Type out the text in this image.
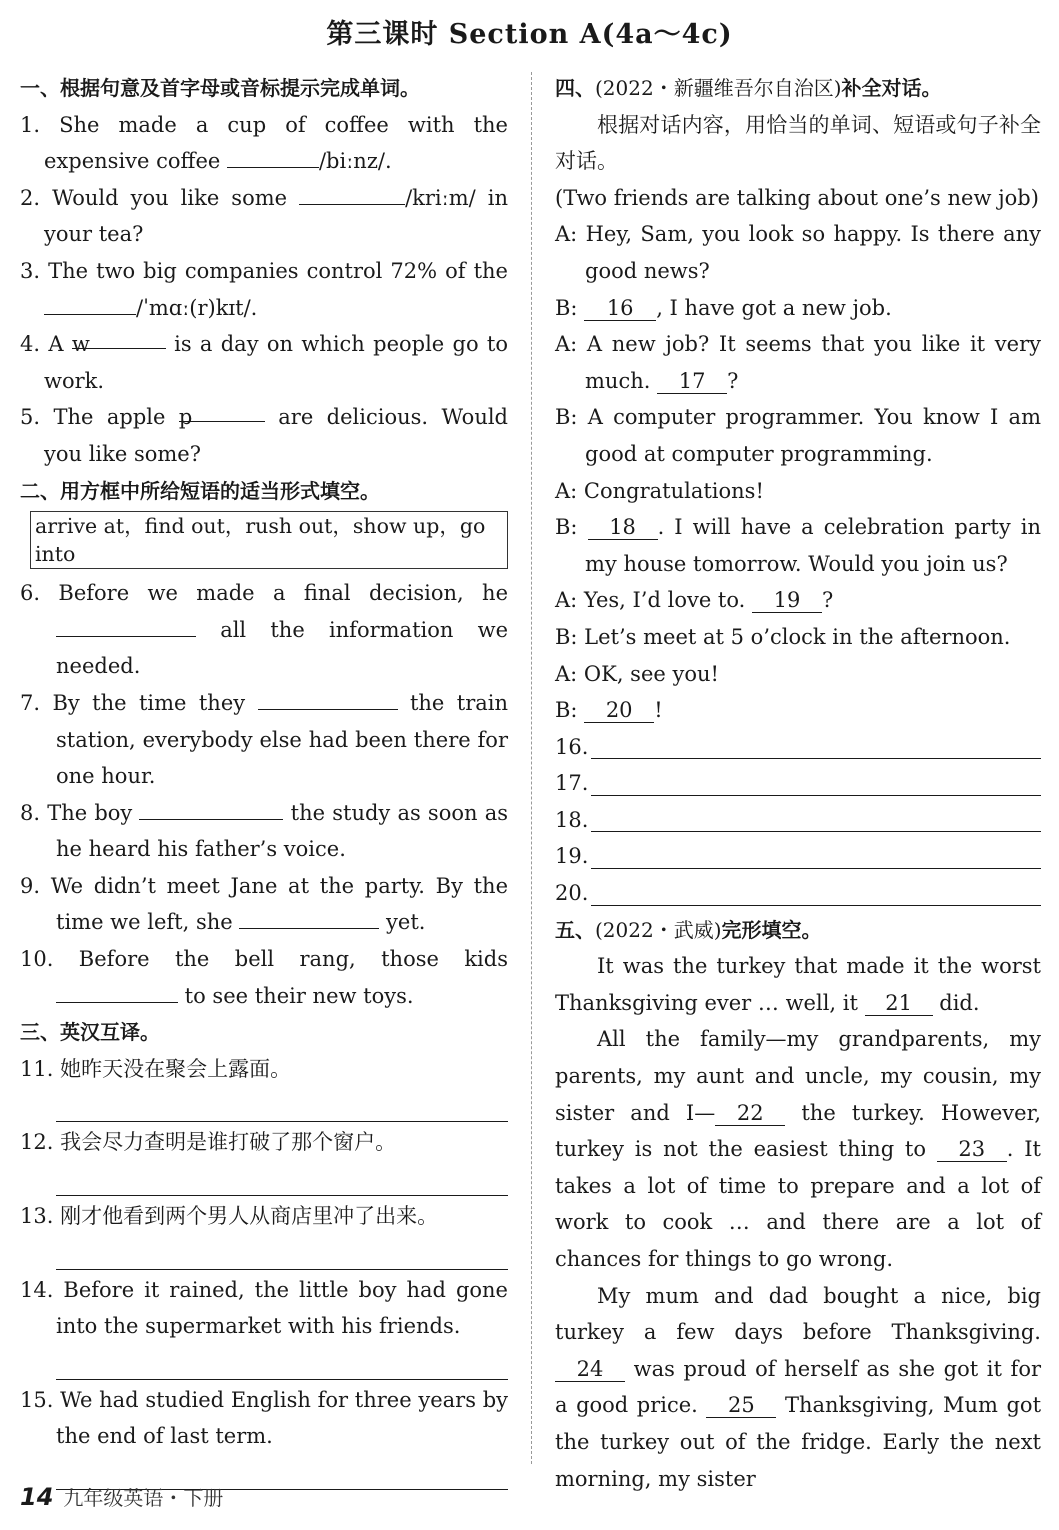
第三课时 Section A(4a～4c)
一、根据句意及首字母或音标提示完成单词。
1. She made a cup of coffee with the expensive coffee	/biːnz/.
2. Would you like some	/kriːm/ in your tea?
3. The two big companies control 72% of the /ˈmɑː(r)kɪt/.
4. A w	is a day on which people go to work.
5. The apple p	are delicious. Would you like some?
二、用方框中所给短语的适当形式填空。
arrive at，find out，rush out，show up，go into
6. Before we made a final decision, he  all the information we needed.
7. By the time they	the train station, everybody else had been there for one hour.
8. The boy	the study as soon as he heard his father’s voice.
9. We didn’t meet Jane at the party. By the time we left, she	yet.
10. Before the bell rang, those kids  to see their new toys.
三、英汉互译。
11. 她昨天没在聚会上露面。
12. 我会尽力查明是谁打破了那个窗户。
13. 刚才他看到两个男人从商店里冲了出来。
14. Before it rained, the little boy had gone into the supermarket with his friends.
15. We had studied English for three years by the end of last term.
四、(2022・新疆维吾尔自治区)补全对话。
根据对话内容，用恰当的单词、短语或句子补全对话。
(Two friends are talking about one’s new job)
A: Hey, Sam, you look so happy. Is there any good news?
B: 16 , I have got a new job.
A: A new job? It seems that you like it very much. 17 ?
B: A computer programmer. You know I am good at computer programming.
A: Congratulations!
B: 18 . I will have a celebration party in my house tomorrow. Would you join us?
A: Yes, I’d love to. 19 ?
B: Let’s meet at 5 o’clock in the afternoon.
A: OK, see you!
B: 20 !
16.
17.
18.
19.
20.
五、(2022・武威)完形填空。
It was the turkey that made it the worst Thanksgiving ever … well, it 21 did.
All the family—my grandparents, my parents, my aunt and uncle, my cousin, my sister and I— 22 the turkey. However, turkey is not the easiest thing to 23 . It takes a lot of time to prepare and a lot of work to cook … and there are a lot of chances for things to go wrong.
My mum and dad bought a nice, big turkey a few days before Thanksgiving. 24 was proud of herself as she got it for a good price. 25 Thanksgiving, Mum got the turkey out of the fridge. Early the next morning, my sister
14 九年级英语・下册
